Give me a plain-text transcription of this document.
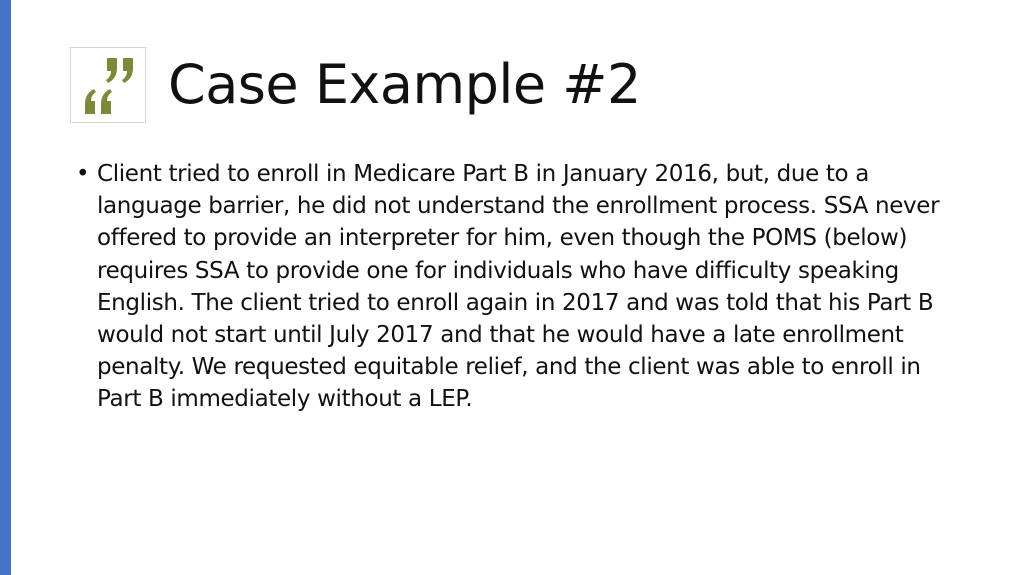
Case Example #2
• Client tried to enroll in Medicare Part B in January 2016, but, due to a language barrier, he did not understand the enrollment process. SSA never offered to provide an interpreter for him, even though the POMS (below) requires SSA to provide one for individuals who have difficulty speaking English. The client tried to enroll again in 2017 and was told that his Part B would not start until July 2017 and that he would have a late enrollment penalty. We requested equitable relief, and the client was able to enroll in Part B immediately without a LEP.
